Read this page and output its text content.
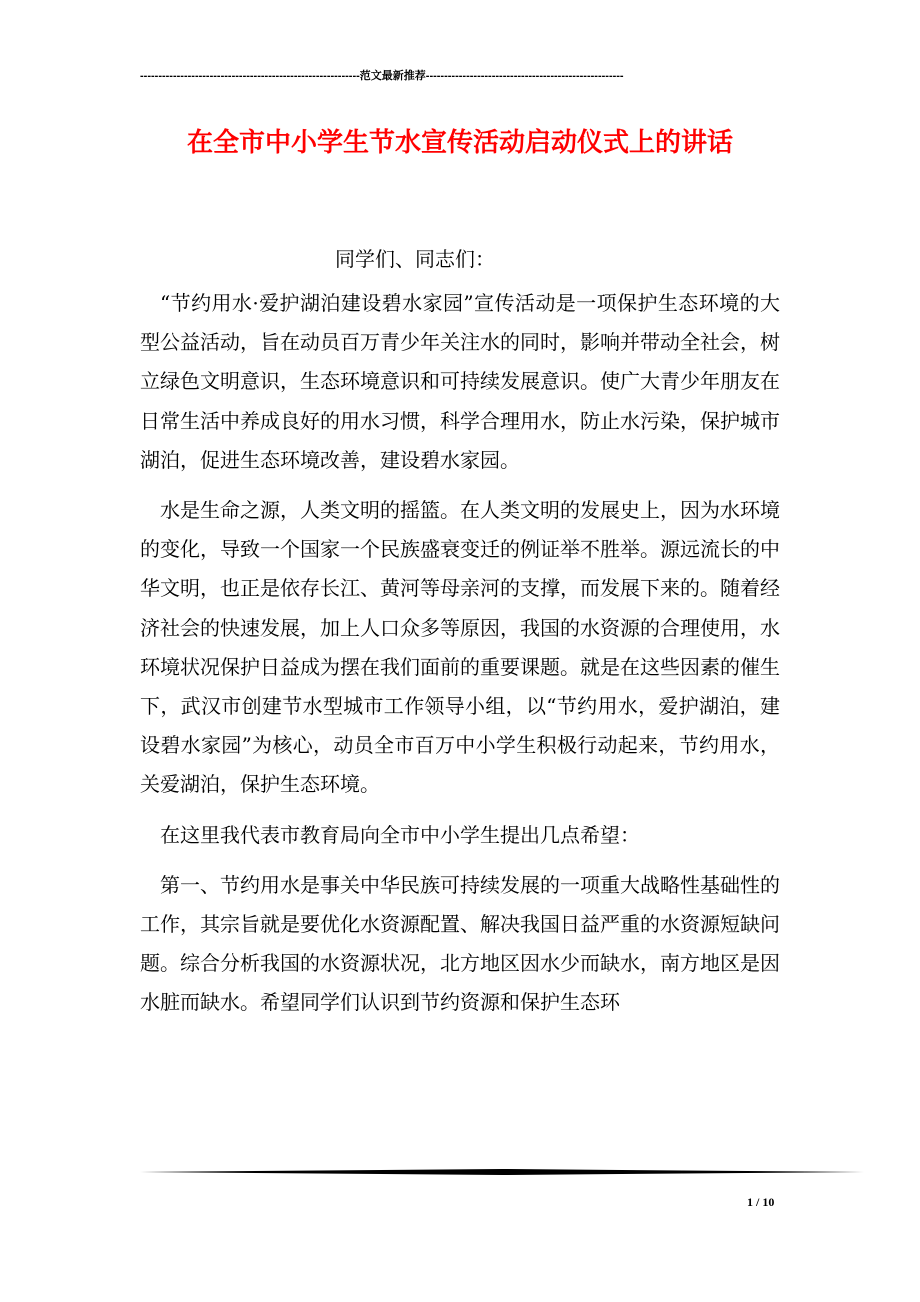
------------------------------------------------------------范文最新推荐------------------------------------------------------
在全市中小学生节水宣传活动启动仪式上的讲话
同学们、同志们：

“节约用水·爱护湖泊建设碧水家园”宣传活动是一项保护生态环境的大型公益活动，旨在动员百万青少年关注水的同时，影响并带动全社会，树立绿色文明意识，生态环境意识和可持续发展意识。使广大青少年朋友在日常生活中养成良好的用水习惯，科学合理用水，防止水污染，保护城市湖泊，促进生态环境改善，建设碧水家园。

水是生命之源，人类文明的摇篮。在人类文明的发展史上，因为水环境的变化，导致一个国家一个民族盛衰变迁的例证举不胜举。源远流长的中华文明，也正是依存长江、黄河等母亲河的支撑，而发展下来的。随着经济社会的快速发展，加上人口众多等原因，我国的水资源的合理使用，水环境状况保护日益成为摆在我们面前的重要课题。就是在这些因素的催生下，武汉市创建节水型城市工作领导小组，以“节约用水，爱护湖泊，建设碧水家园”为核心，动员全市百万中小学生积极行动起来，节约用水，关爱湖泊，保护生态环境。

在这里我代表市教育局向全市中小学生提出几点希望：

第一、节约用水是事关中华民族可持续发展的一项重大战略性基础性的工作，其宗旨就是要优化水资源配置、解决我国日益严重的水资源短缺问题。综合分析我国的水资源状况，北方地区因水少而缺水，南方地区是因水脏而缺水。希望同学们认识到节约资源和保护生态环

1 / 10
